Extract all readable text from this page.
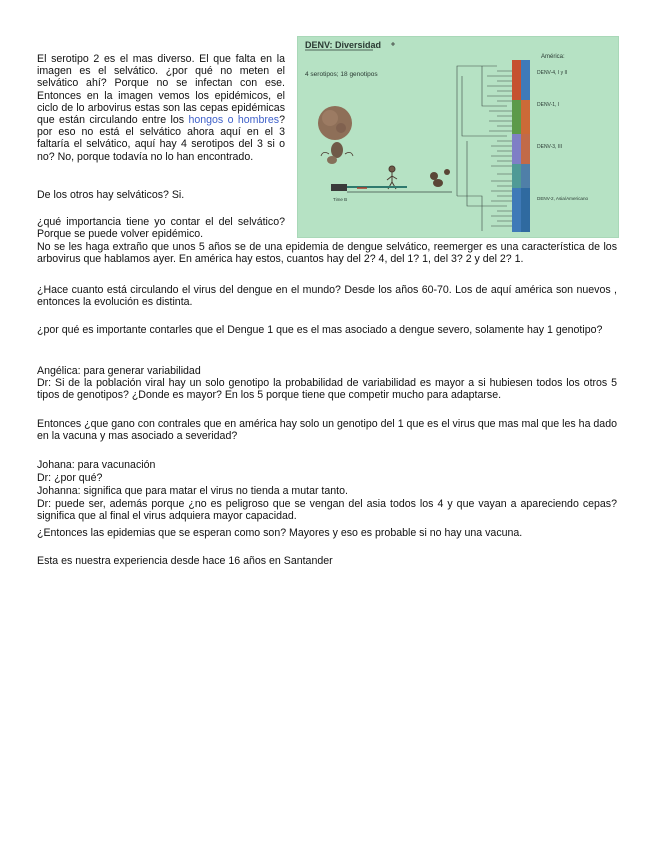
El serotipo 2 es el mas diverso. El que falta en la imagen es el selvático. ¿por qué no meten el selvático ahí? Porque no se infectan con ese. Entonces en la imagen vemos los epidémicos, el ciclo de lo arbovirus estas son las cepas epidémicas que están circulando entre los hongos o hombres? por eso no está el selvático ahora aquí en el 3 faltaría el selvático, aquí hay 4 serotipos del 3 si o no? No, porque todavía no lo han encontrado.

De los otros hay selváticos? Si.

¿qué importancia tiene yo contar el del selvático? Porque se puede volver epidémico.

No se les haga extraño que unos 5 años se de una epidemia de dengue selvático, reemerger es una característica de los arbovirus que hablamos ayer. En américa hay estos, cuantos hay del 2? 4, del 1? 1, del 3? 2 y del 2? 1.

¿Hace cuanto está circulando el virus del dengue en el mundo? Desde los años 60-70. Los de aquí américa son nuevos , entonces la evolución es distinta.

¿por qué es importante contarles que el Dengue 1 que es el mas asociado a dengue severo, solamente hay 1 genotipo?

Angélica: para generar variabilidad

Dr: Si de la población viral hay un solo genotipo la probabilidad de variabilidad es mayor a si hubiesen todos los otros 5 tipos de genotipos? ¿Donde es mayor? En los 5 porque tiene que competir mucho para adaptarse.

Entonces ¿que gano con contrales que en américa hay solo un genotipo del 1 que es el virus que mas mal que les ha dado en la vacuna y mas asociado a severidad?

Johana: para vacunación

Dr: ¿por qué?

Johanna: significa que para matar el virus no tienda a mutar tanto.

Dr: puede ser, además porque ¿no es peligroso que se vengan del asia todos los 4 y que vayan a apareciendo cepas? significa que al final el virus adquiera mayor capacidad.

¿Entonces las epidemias que se esperan como son? Mayores y eso es probable si no hay una vacuna.

Esta es nuestra experiencia desde hace 16 años en Santander

DENV: Diversidad
4 serotipos; 18 genotipos
América:
Time B
DENV-4, I y II
DENV-1, I
DENV-3, III
DENV-2, Asia/Americano
